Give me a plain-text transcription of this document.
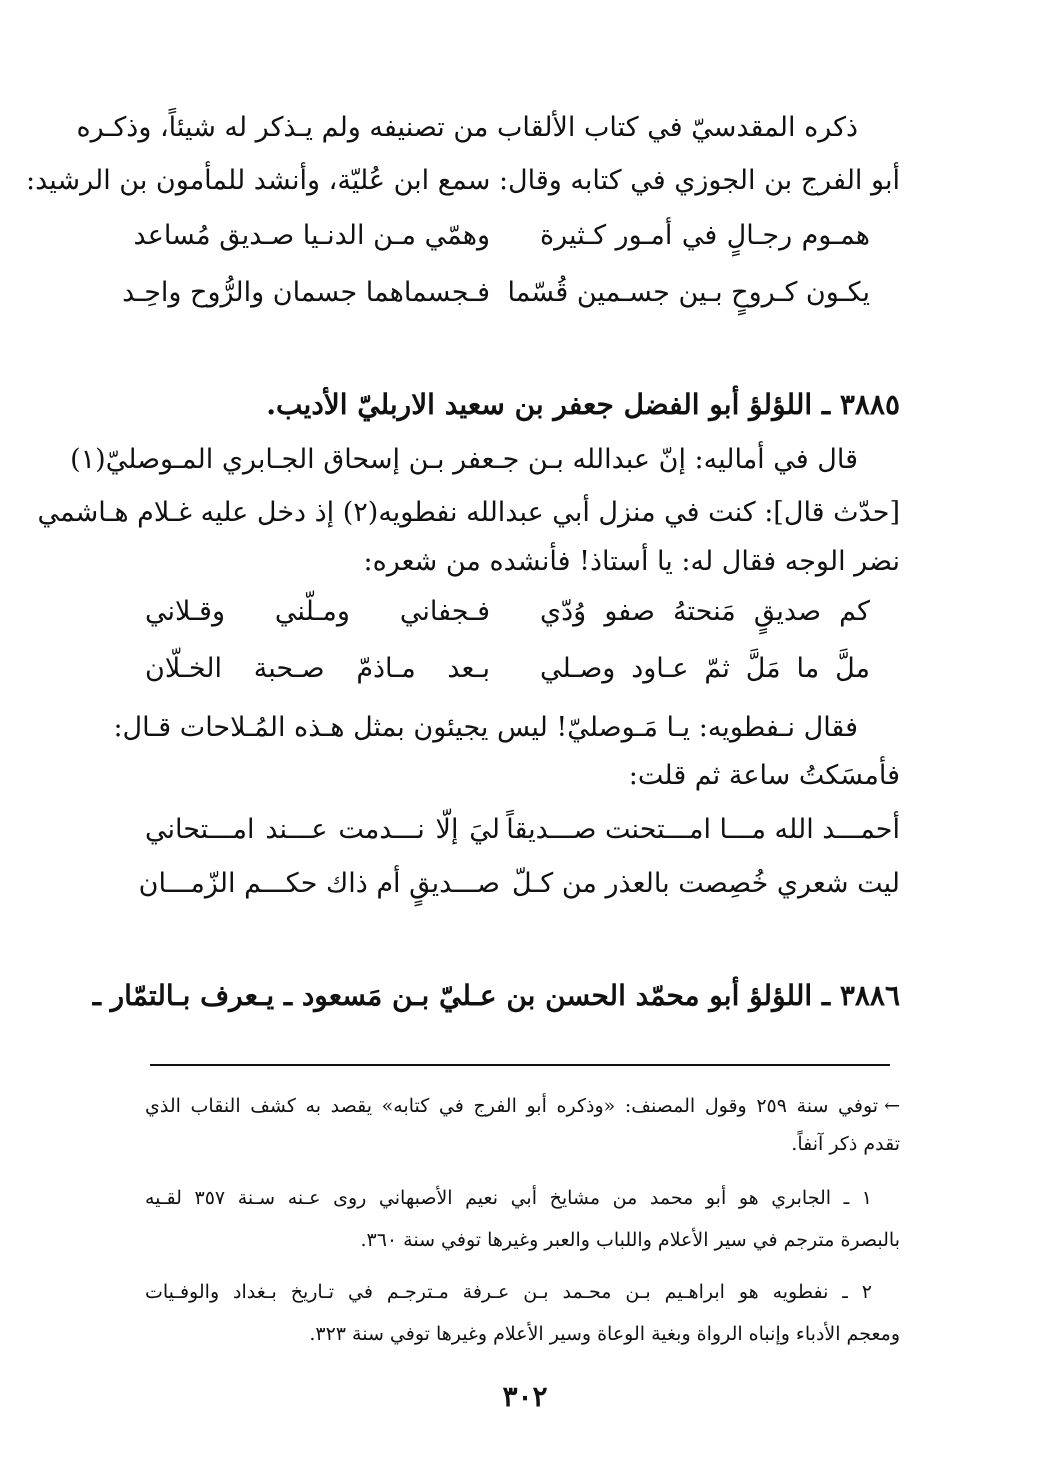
ذكره المقدسيّ في كتاب الألقاب من تصنيفه ولم يـذكر له شيئاً، وذكـره
أبو الفرج بن الجوزي في كتابه وقال: سمع ابن عُليّة، وأنشد للمأمون بن الرشيد:
همـوم رجـالٍ في أمـور كـثيرة
وهمّي مـن الدنـيا صـديق مُساعد
يكـون كـروحٍ بـين جسـمين قُسّما
فـجسماهما جسمان والرُّوح واحِـد
٣٨٨٥ ـ اللؤلؤ أبو الفضل جعفر بن سعيد الاربليّ الأديب.
قال في أماليه: إنّ عبدالله بـن جـعفر بـن إسحاق الجـابري المـوصليّ(١)
[حدّث قال]: كنت في منزل أبي عبدالله نفطويه(٢) إذ دخل عليه غـلام هـاشمي
نضر الوجه فقال له: يا أستاذ! فأنشده من شعره:
كم صديقٍ مَنحتهُ صفو وُدّي
فـجفاني ومـلّني وقـلاني
ملَّ ما مَلَّ ثمّ عـاود وصـلي
بـعد مـاذمّ صـحبة الخـلّان
فقال نـفطويه: يـا مَـوصليّ! ليس يجيئون بمثل هـذه المُـلاحات قـال:
فأمسَكتُ ساعة ثم قلت:
أحمـــد الله مـــا امـــتحنت صـــديقاً
ليَ إلّا نـــدمت عـــند امـــتحاني
ليت شعري خُصِصت بالعذر من كـلّ
صـــديقٍ أم ذاك حكـــم الزّمـــان
٣٨٨٦ ـ اللؤلؤ أبو محمّد الحسن بن عـليّ بـن مَسعود ـ يـعرف بـالتمّار ـ
←توفي سنة ٢٥٩ وقول المصنف: «وذكره أبو الفرج في كتابه» يقصد به كشف النقاب الذي
تقدم ذكر آنفاً.
١ ـ الجابري هو أبو محمد من مشايخ أبي نعيم الأصبهاني روى عـنه سـنة ٣٥٧ لقـيه
بالبصرة مترجم في سير الأعلام واللباب والعبر وغيرها توفي سنة ٣٦٠.
٢ ـ نفطويه هو ابراهـيم بـن محـمد بـن عـرفة مـترجـم في تـاريخ بـغداد والوفـيات
ومعجم الأدباء وإنباه الرواة وبغية الوعاة وسير الأعلام وغيرها توفي سنة ٣٢٣.
٣٠٢
